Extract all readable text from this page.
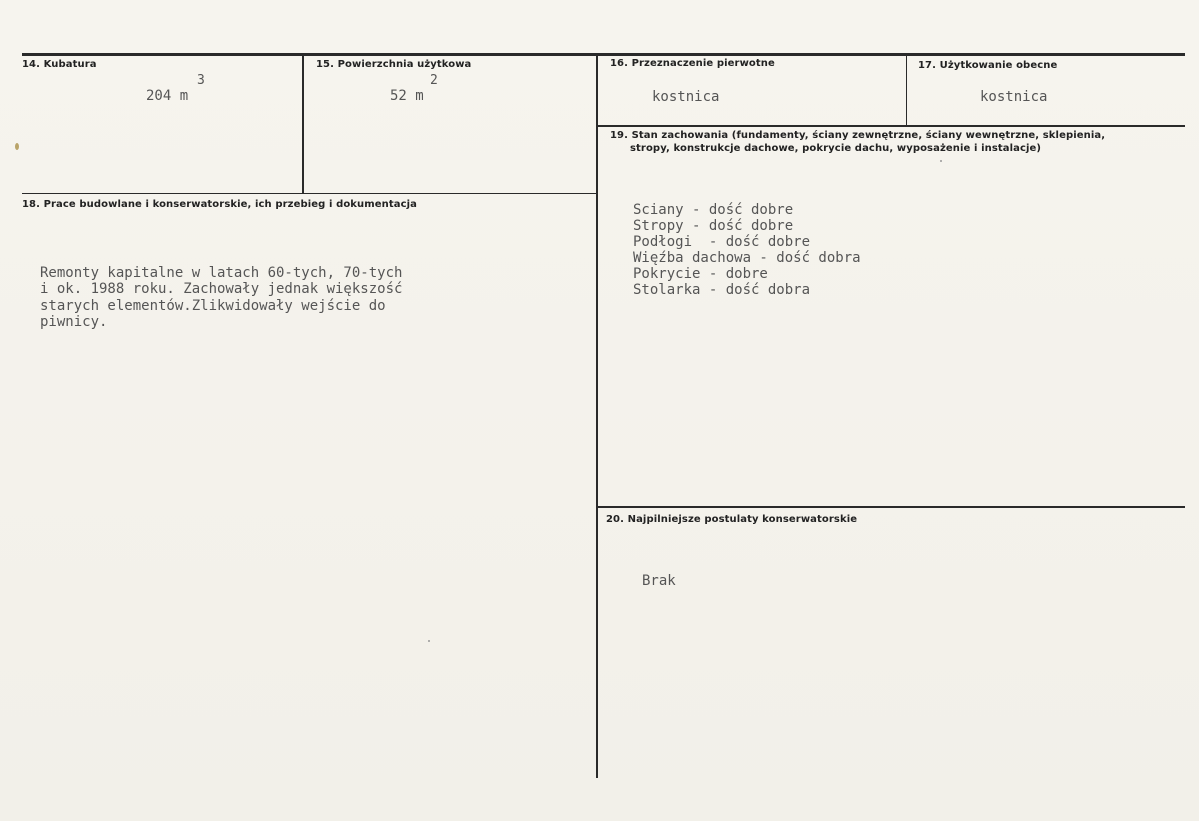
14. Kubatura
3
204 m
15. Powierzchnia użytkowa
2
52 m
16. Przeznaczenie pierwotne
kostnica
17. Użytkowanie obecne
kostnica
18. Prace budowlane i konserwatorskie, ich przebieg i dokumentacja
Remonty kapitalne w latach 60-tych, 70-tych
i ok. 1988 roku. Zachowały jednak większość
starych elementów.Zlikwidowały wejście do
piwnicy.
19. Stan zachowania (fundamenty, ściany zewnętrzne, ściany wewnętrzne, sklepienia,
stropy, konstrukcje dachowe, pokrycie dachu, wyposażenie i instalacje)
Sciany - dość dobre
Stropy - dość dobre
Podłogi  - dość dobre
Więźba dachowa - dość dobra
Pokrycie - dobre
Stolarka - dość dobra
20. Najpilniejsze postulaty konserwatorskie
Brak
